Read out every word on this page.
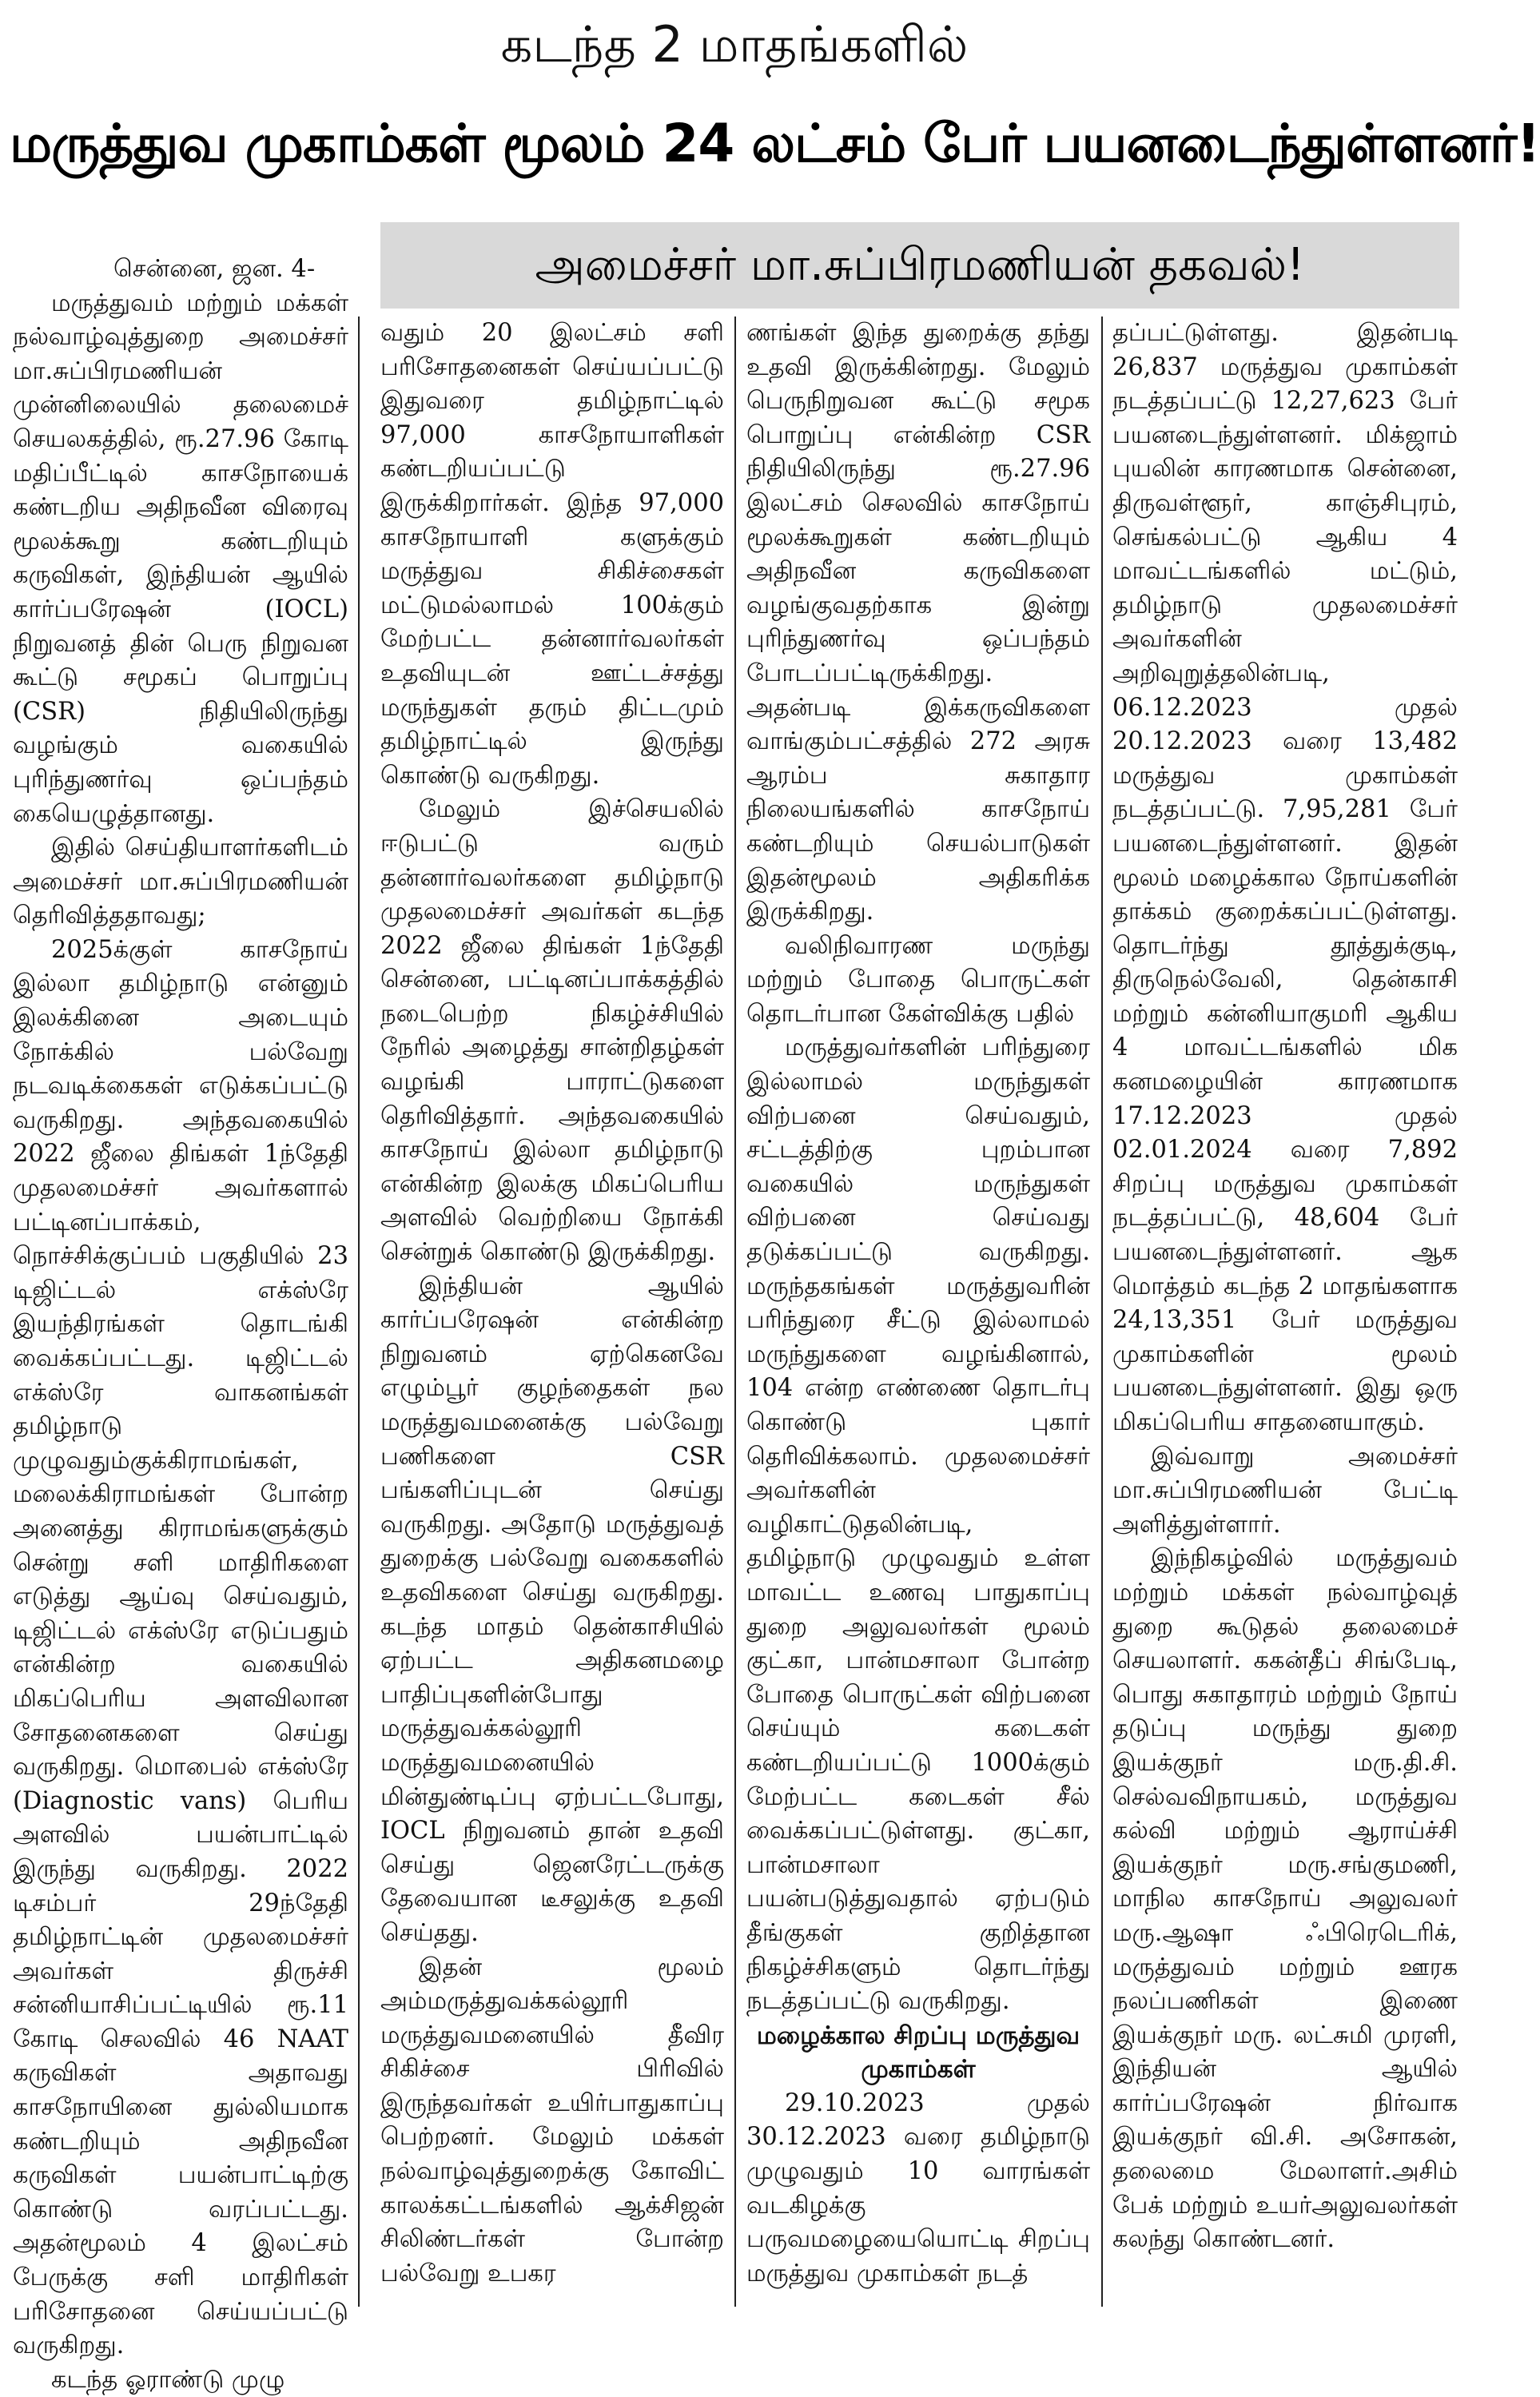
கடந்த 2 மாதங்களில்
மருத்துவ முகாம்கள் மூலம் 24 லட்சம் பேர் பயனடைந்துள்ளனர்!
அமைச்சர் மா.சுப்பிரமணியன் தகவல்!

சென்னை, ஜன. 4-

மருத்துவம் மற்றும் மக்கள் நல்வாழ்வுத்துறை அமைச்சர் மா.சுப்பிரமணியன் முன்னிலையில் தலைமைச் செயலகத்தில், ரூ.27.96 கோடி மதிப்பீட்டில் காசநோயைக் கண்டறிய அதிநவீன விரைவு மூலக்கூறு கண்டறியும் கருவிகள், இந்தியன் ஆயில் கார்ப்பரேஷன் (IOCL) நிறுவனத் தின் பெரு நிறுவன கூட்டு சமூகப் பொறுப்பு (CSR) நிதியிலிருந்து வழங்கும் வகையில் புரிந்துணர்வு ஒப்பந்தம் கையெழுத்தானது.

இதில் செய்தியாளர்களிடம் அமைச்சர் மா.சுப்பிரமணியன் தெரிவித்ததாவது;

2025க்குள் காசநோய் இல்லா தமிழ்நாடு என்னும் இலக்கினை அடையும் நோக்கில் பல்வேறு நடவடிக்கைகள் எடுக்கப்பட்டு வருகிறது. அந்தவகையில் 2022 ஜீலை திங்கள் 1ந்தேதி முதலமைச்சர் அவர்களால் பட்டினப்பாக்கம், நொச்சிக்குப்பம் பகுதியில் 23 டிஜிட்டல் எக்ஸ்ரே இயந்திரங்கள் தொடங்கி வைக்கப்பட்டது. டிஜிட்டல் எக்ஸ்ரே வாகனங்கள் தமிழ்நாடு முழுவதும்குக்கிராமங்கள், மலைக்கிராமங்கள் போன்ற அனைத்து கிராமங்களுக்கும் சென்று சளி மாதிரிகளை எடுத்து ஆய்வு செய்வதும், டிஜிட்டல் எக்ஸ்ரே எடுப்பதும் என்கின்ற வகையில் மிகப்பெரிய அளவிலான சோதனைகளை செய்து வருகிறது. மொபைல் எக்ஸ்ரே (Diagnostic vans) பெரிய அளவில் பயன்பாட்டில் இருந்து வருகிறது. 2022 டிசம்பர் 29ந்தேதி தமிழ்நாட்டின் முதலமைச்சர் அவர்கள் திருச்சி சன்னியாசிப்பட்டியில் ரூ.11 கோடி செலவில் 46 NAAT கருவிகள் அதாவது காசநோயினை துல்லியமாக கண்டறியும் அதிநவீன கருவிகள் பயன்பாட்டிற்கு கொண்டு வரப்பட்டது. அதன்மூலம் 4 இலட்சம் பேருக்கு சளி மாதிரிகள் பரிசோதனை செய்யப்பட்டு வருகிறது.

கடந்த ஓராண்டு முழு

வதும் 20 இலட்சம் சளி பரிசோதனைகள் செய்யப்பட்டு இதுவரை தமிழ்நாட்டில் 97,000 காசநோயாளிகள் கண்டறியப்பட்டு இருக்கிறார்கள். இந்த 97,000 காசநோயாளி களுக்கும் மருத்துவ சிகிச்சைகள் மட்டுமல்லாமல் 100க்கும் மேற்பட்ட தன்னார்வலர்கள் உதவியுடன் ஊட்டச்சத்து மருந்துகள் தரும் திட்டமும் தமிழ்நாட்டில் இருந்து கொண்டு வருகிறது.

மேலும் இச்செயலில் ஈடுபட்டு வரும் தன்னார்வலர்களை தமிழ்நாடு முதலமைச்சர் அவர்கள் கடந்த 2022 ஜீலை திங்கள் 1ந்தேதி சென்னை, பட்டினப்பாக்கத்தில் நடைபெற்ற நிகழ்ச்சியில் நேரில் அழைத்து சான்றிதழ்கள் வழங்கி பாராட்டுகளை தெரிவித்தார். அந்தவகையில் காசநோய் இல்லா தமிழ்நாடு என்கின்ற இலக்கு மிகப்பெரிய அளவில் வெற்றியை நோக்கி சென்றுக் கொண்டு இருக்கிறது.

இந்தியன் ஆயில் கார்ப்பரேஷன் என்கின்ற நிறுவனம் ஏற்கெனவே எழும்பூர் குழந்தைகள் நல மருத்துவமனைக்கு பல்வேறு பணிகளை CSR பங்களிப்புடன் செய்து வருகிறது. அதோடு மருத்துவத் துறைக்கு பல்வேறு வகைகளில் உதவிகளை செய்து வருகிறது. கடந்த மாதம் தென்காசியில் ஏற்பட்ட அதிகனமழை பாதிப்புகளின்போது மருத்துவக்கல்லூரி மருத்துவமனையில் மின்துண்டிப்பு ஏற்பட்டபோது, IOCL நிறுவனம் தான் உதவி செய்து ஜெனரேட்டருக்கு தேவையான டீசலுக்கு உதவி செய்தது.

இதன் மூலம் அம்மருத்துவக்கல்லூரி மருத்துவமனையில் தீவிர சிகிச்சை பிரிவில் இருந்தவர்கள் உயிர்பாதுகாப்பு பெற்றனர். மேலும் மக்கள் நல்வாழ்வுத்துறைக்கு கோவிட் காலக்கட்டங்களில் ஆக்சிஜன் சிலிண்டர்கள் போன்ற பல்வேறு உபகர

ணங்கள் இந்த துறைக்கு தந்து உதவி இருக்கின்றது. மேலும் பெருநிறுவன கூட்டு சமூக பொறுப்பு என்கின்ற CSR நிதியிலிருந்து ரூ.27.96 இலட்சம் செலவில் காசநோய் மூலக்கூறுகள் கண்டறியும் அதிநவீன கருவிகளை வழங்குவதற்காக இன்று புரிந்துணர்வு ஒப்பந்தம் போடப்பட்டிருக்கிறது. அதன்படி இக்கருவிகளை வாங்கும்பட்சத்தில் 272 அரசு ஆரம்ப சுகாதார நிலையங்களில் காசநோய் கண்டறியும் செயல்பாடுகள் இதன்மூலம் அதிகரிக்க இருக்கிறது.

வலிநிவாரண மருந்து மற்றும் போதை பொருட்கள் தொடர்பான கேள்விக்கு பதில்

மருத்துவர்களின் பரிந்துரை இல்லாமல் மருந்துகள் விற்பனை செய்வதும், சட்டத்திற்கு புறம்பான வகையில் மருந்துகள் விற்பனை செய்வது தடுக்கப்பட்டு வருகிறது. மருந்தகங்கள் மருத்துவரின் பரிந்துரை சீட்டு இல்லாமல் மருந்துகளை வழங்கினால், 104 என்ற எண்ணை தொடர்பு கொண்டு புகார் தெரிவிக்கலாம். முதலமைச்சர் அவர்களின் வழிகாட்டுதலின்படி, தமிழ்நாடு முழுவதும் உள்ள மாவட்ட உணவு பாதுகாப்பு துறை அலுவலர்கள் மூலம் குட்கா, பான்மசாலா போன்ற போதை பொருட்கள் விற்பனை செய்யும் கடைகள் கண்டறியப்பட்டு 1000க்கும் மேற்பட்ட கடைகள் சீல் வைக்கப்பட்டுள்ளது. குட்கா, பான்மசாலா பயன்படுத்துவதால் ஏற்படும் தீங்குகள் குறித்தான நிகழ்ச்சிகளும் தொடர்ந்து நடத்தப்பட்டு வருகிறது.

மழைக்கால சிறப்பு மருத்துவ முகாம்கள்

29.10.2023 முதல் 30.12.2023 வரை தமிழ்நாடு முழுவதும் 10 வாரங்கள் வடகிழக்கு பருவமழையையொட்டி சிறப்பு மருத்துவ முகாம்கள் நடத்

தப்பட்டுள்ளது. இதன்படி 26,837 மருத்துவ முகாம்கள் நடத்தப்பட்டு 12,27,623 பேர் பயனடைந்துள்ளனர். மிக்ஜாம் புயலின் காரணமாக சென்னை, திருவள்ளூர், காஞ்சிபுரம், செங்கல்பட்டு ஆகிய 4 மாவட்டங்களில் மட்டும், தமிழ்நாடு முதலமைச்சர் அவர்களின் அறிவுறுத்தலின்படி, 06.12.2023 முதல் 20.12.2023 வரை 13,482 மருத்துவ முகாம்கள் நடத்தப்பட்டு. 7,95,281 பேர் பயனடைந்துள்ளனர். இதன் மூலம் மழைக்கால நோய்களின் தாக்கம் குறைக்கப்பட்டுள்ளது. தொடர்ந்து தூத்துக்குடி, திருநெல்வேலி, தென்காசி மற்றும் கன்னியாகுமரி ஆகிய 4 மாவட்டங்களில் மிக கனமழையின் காரணமாக 17.12.2023 முதல் 02.01.2024 வரை 7,892 சிறப்பு மருத்துவ முகாம்கள் நடத்தப்பட்டு, 48,604 பேர் பயனடைந்துள்ளனர். ஆக மொத்தம் கடந்த 2 மாதங்களாக 24,13,351 பேர் மருத்துவ முகாம்களின் மூலம் பயனடைந்துள்ளனர். இது ஒரு மிகப்பெரிய சாதனையாகும்.

இவ்வாறு அமைச்சர் மா.சுப்பிரமணியன் பேட்டி அளித்துள்ளார்.

இந்நிகழ்வில் மருத்துவம் மற்றும் மக்கள் நல்வாழ்வுத் துறை கூடுதல் தலைமைச் செயலாளர். ககன்தீப் சிங்பேடி, பொது சுகாதாரம் மற்றும் நோய் தடுப்பு மருந்து துறை இயக்குநர் மரு.தி.சி. செல்வவிநாயகம், மருத்துவ கல்வி மற்றும் ஆராய்ச்சி இயக்குநர் மரு.சங்குமணி, மாநில காசநோய் அலுவலர் மரு.ஆஷா ஃபிரெடெரிக், மருத்துவம் மற்றும் ஊரக நலப்பணிகள் இணை இயக்குநர் மரு. லட்சுமி முரளி, இந்தியன் ஆயில் கார்ப்பரேஷன் நிர்வாக இயக்குநர் வி.சி. அசோகன், தலைமை மேலாளர்.அசிம் பேக் மற்றும் உயர்அலுவலர்கள் கலந்து கொண்டனர்.
